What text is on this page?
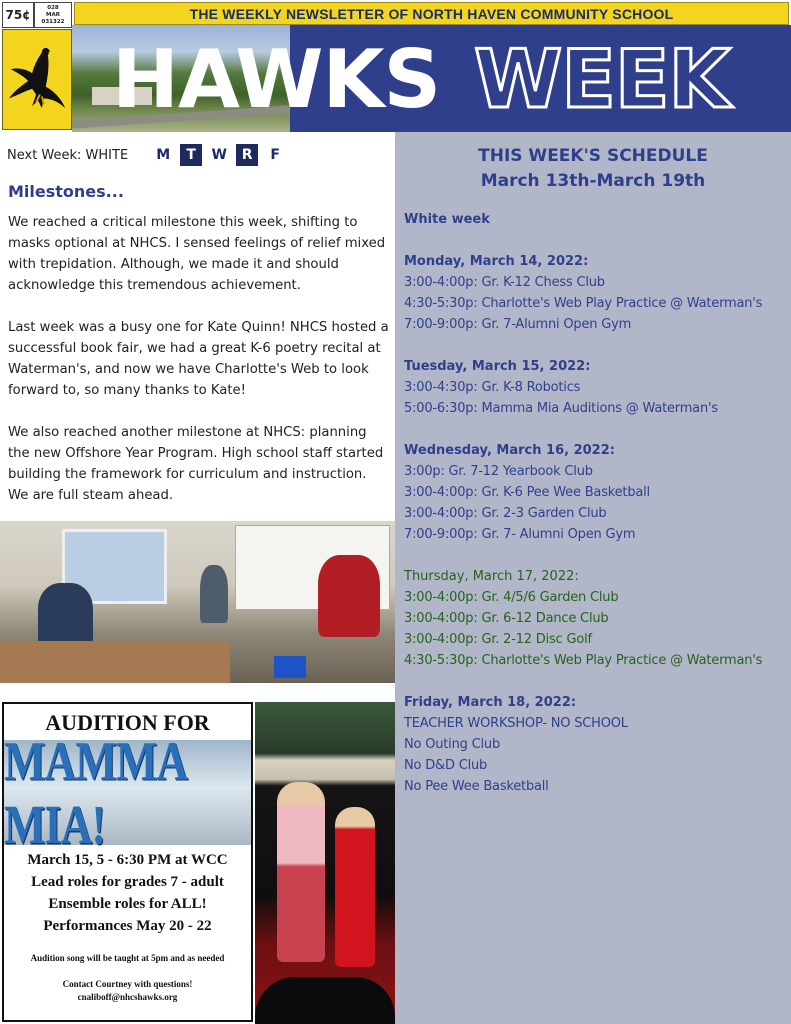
75¢	028
MAR
031322
THE WEEKLY NEWSLETTER OF NORTH HAVEN COMMUNITY SCHOOL
HAWKS WEEK
Next Week: WHITE M	T	W	R	F
Milestones...

We reached a critical milestone this week, shifting to masks optional at NHCS. I sensed feelings of relief mixed with trepidation. Although, we made it and should acknowledge this tremendous achievement.

Last week was a busy one for Kate Quinn! NHCS hosted a successful book fair, we had a great K-6 poetry recital at Waterman's, and now we have Charlotte's Web to look forward to, so many thanks to Kate!

We also reached another milestone at NHCS: planning the new Offshore Year Program. High school staff started building the framework for curriculum and instruction. We are full steam ahead.

AUDITION FOR
MAMMA MIA!
March 15, 5 - 6:30 PM at WCC
Lead roles for grades 7 - adult
Ensemble roles for ALL!
Performances May 20 - 22
Audition song will be taught at 5pm and as needed
Contact Courtney with questions!
cnaliboff@nhcshawks.org
THIS WEEK'S SCHEDULE
March 13th-March 19th
White week
Monday, March 14, 2022:
3:00-4:00p: Gr. K-12 Chess Club
4:30-5:30p: Charlotte's Web Play Practice @ Waterman's
7:00-9:00p: Gr. 7-Alumni Open Gym
Tuesday, March 15, 2022:
3:00-4:30p: Gr. K-8 Robotics
5:00-6:30p: Mamma Mia Auditions @ Waterman's
Wednesday, March 16, 2022:
3:00p: Gr. 7-12 Yearbook Club
3:00-4:00p: Gr. K-6 Pee Wee Basketball
3:00-4:00p: Gr. 2-3 Garden Club
7:00-9:00p: Gr. 7- Alumni Open Gym
Thursday, March 17, 2022:
3:00-4:00p: Gr. 4/5/6 Garden Club
3:00-4:00p: Gr. 6-12 Dance Club
3:00-4:00p: Gr. 2-12 Disc Golf
4:30-5:30p: Charlotte's Web Play Practice @ Waterman's
Friday, March 18, 2022:
TEACHER WORKSHOP- NO SCHOOL
No Outing Club
No D&D Club
No Pee Wee Basketball
